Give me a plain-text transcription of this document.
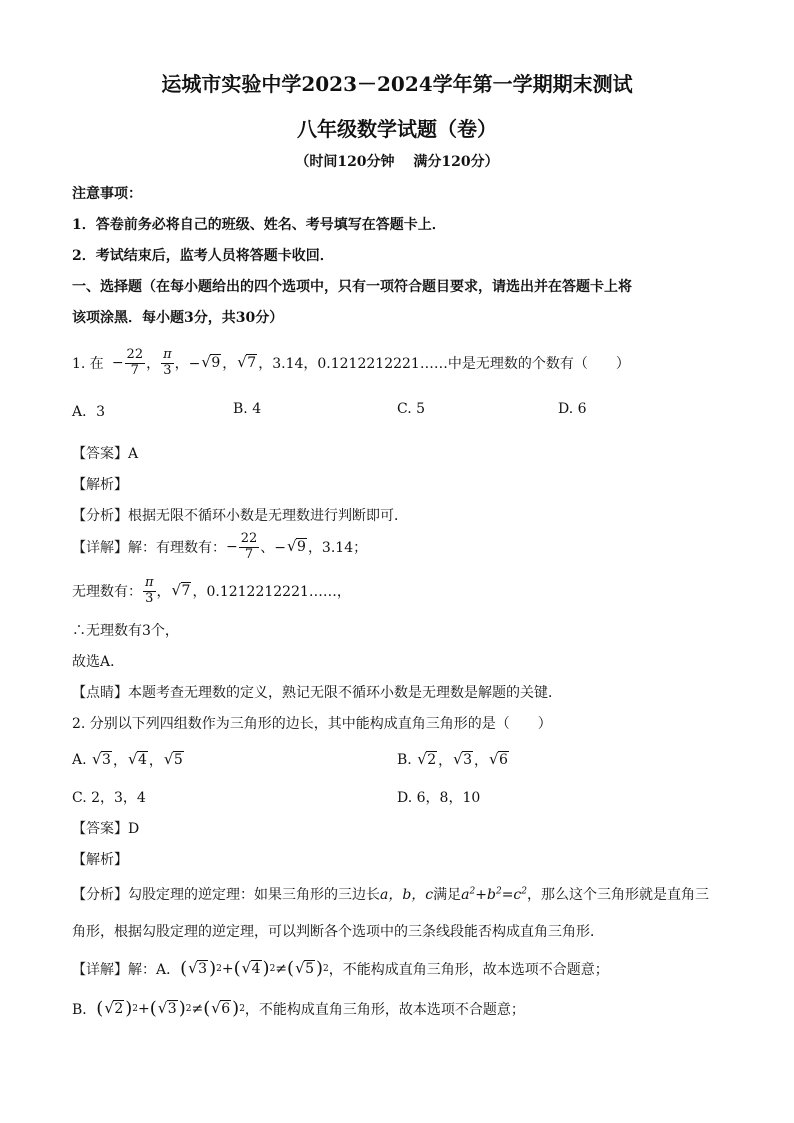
运城市实验中学2023－2024学年第一学期期末测试
八年级数学试题（卷）
（时间120分钟　 满分120分）
注意事项：
1．答卷前务必将自己的班级、姓名、考号填写在答题卡上．
2．考试结束后，监考人员将答题卡收回．
一、选择题（在每小题给出的四个选项中，只有一项符合题目要求，请选出并在答题卡上将
该项涂黑．每小题3分，共30分）
1. 在 − $\frac{22}{7}$ ， $\frac{\pi}{3}$ ，− √ 9 ， √ 7 ，3.14，0.1212212221……中是无理数的个数有（　　）
A．3	B. 4	C. 5	D. 6
【答案】A
【解析】
【分析】根据无限不循环小数是无理数进行判断即可．
【详解】 解：有理数有： − $\frac{22}{7}$ 、− √ 9 ，3.14；
无理数有： $\frac{\pi}{3}$ ， √ 7 ，0.1212212221……，
∴无理数有3个，
故选A．
【点睛】本题考查无理数的定义，熟记无限不循环小数是无理数是解题的关键．
2. 分别以下列四组数作为三角形的边长，其中能构成直角三角形的是（　　）
A.
	√ 3 ， √ 4 ， √ 5	B.
	√ 2 ， √ 3 ， √ 6
C. 2，3，4	D. 6，8，10
【答案】D
【解析】
【分析】勾股定理的逆定理：如果三角形的三边长a，b，c满足$a^2+b^2=c^2$，那么这个三角形就是直角三
角形，根据勾股定理的逆定理，可以判断各个选项中的三条线段能否构成直角三角形．
【详解】 解：A． ( √ 3 ) 2 + ( √ 4 ) 2 ≠ ( √ 5 ) 2 ，不能构成直角三角形，故本选项不合题意；
B． ( √ 2 ) 2 + ( √ 3 ) 2 ≠ ( √ 6 ) 2 ，不能构成直角三角形，故本选项不合题意；
